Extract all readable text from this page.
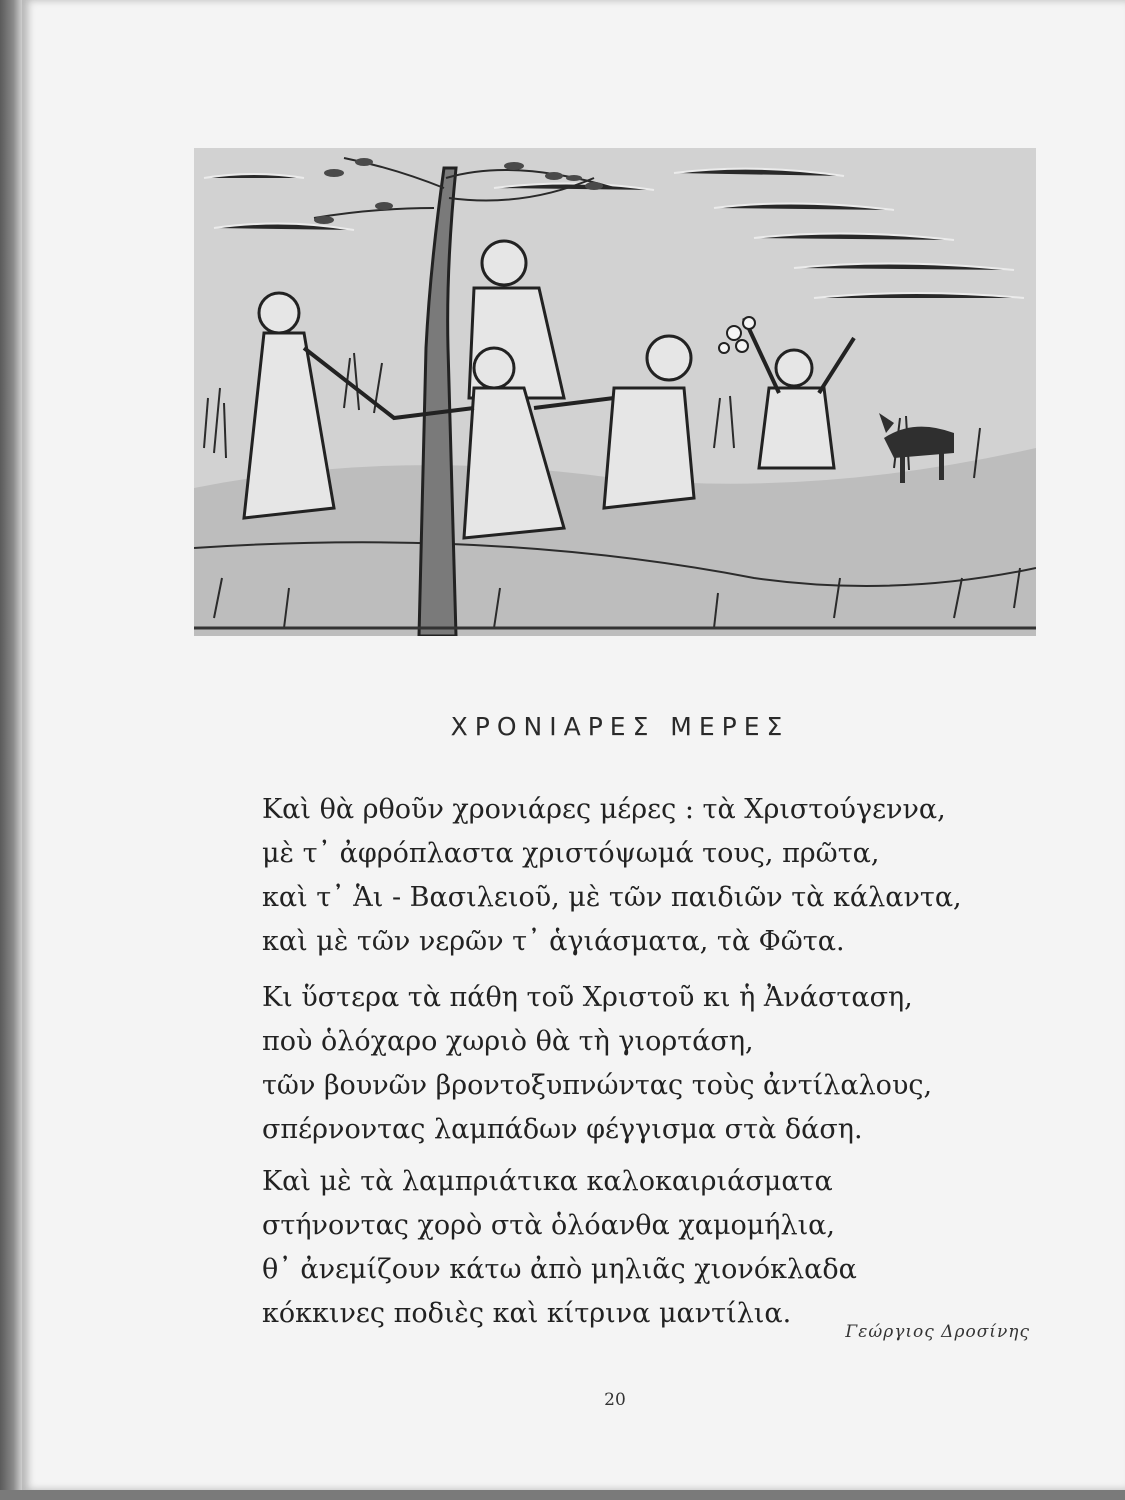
ΧΡΟΝΙΑΡΕΣ ΜΕΡΕΣ
Καὶ θὰ ρθοῦν χρονιάρες μέρες : τὰ Χριστούγεννα,
μὲ τ᾽ ἀφρόπλαστα χριστόψωμά τους, πρῶτα,
καὶ τ᾽ Ἁι - Βασιλειοῦ, μὲ τῶν παιδιῶν τὰ κάλαντα,
καὶ μὲ τῶν νερῶν τ᾽ ἁγιάσματα, τὰ Φῶτα.
Κι ὕστερα τὰ πάθη τοῦ Χριστοῦ κι ἡ Ἀνάσταση,
ποὺ ὁλόχαρο χωριὸ θὰ τὴ γιορτάση,
τῶν βουνῶν βροντοξυπνώντας τοὺς ἀντίλαλους,
σπέρνοντας λαμπάδων φέγγισμα στὰ δάση.
Καὶ μὲ τὰ λαμπριάτικα καλοκαιριάσματα
στήνοντας χορὸ στὰ ὁλόανθα χαμομήλια,
θ᾽ ἀνεμίζουν κάτω ἀπὸ μηλιᾶς χιονόκλαδα
κόκκινες ποδιὲς καὶ κίτρινα μαντίλια.
Γεώργιος Δροσίνης
20
